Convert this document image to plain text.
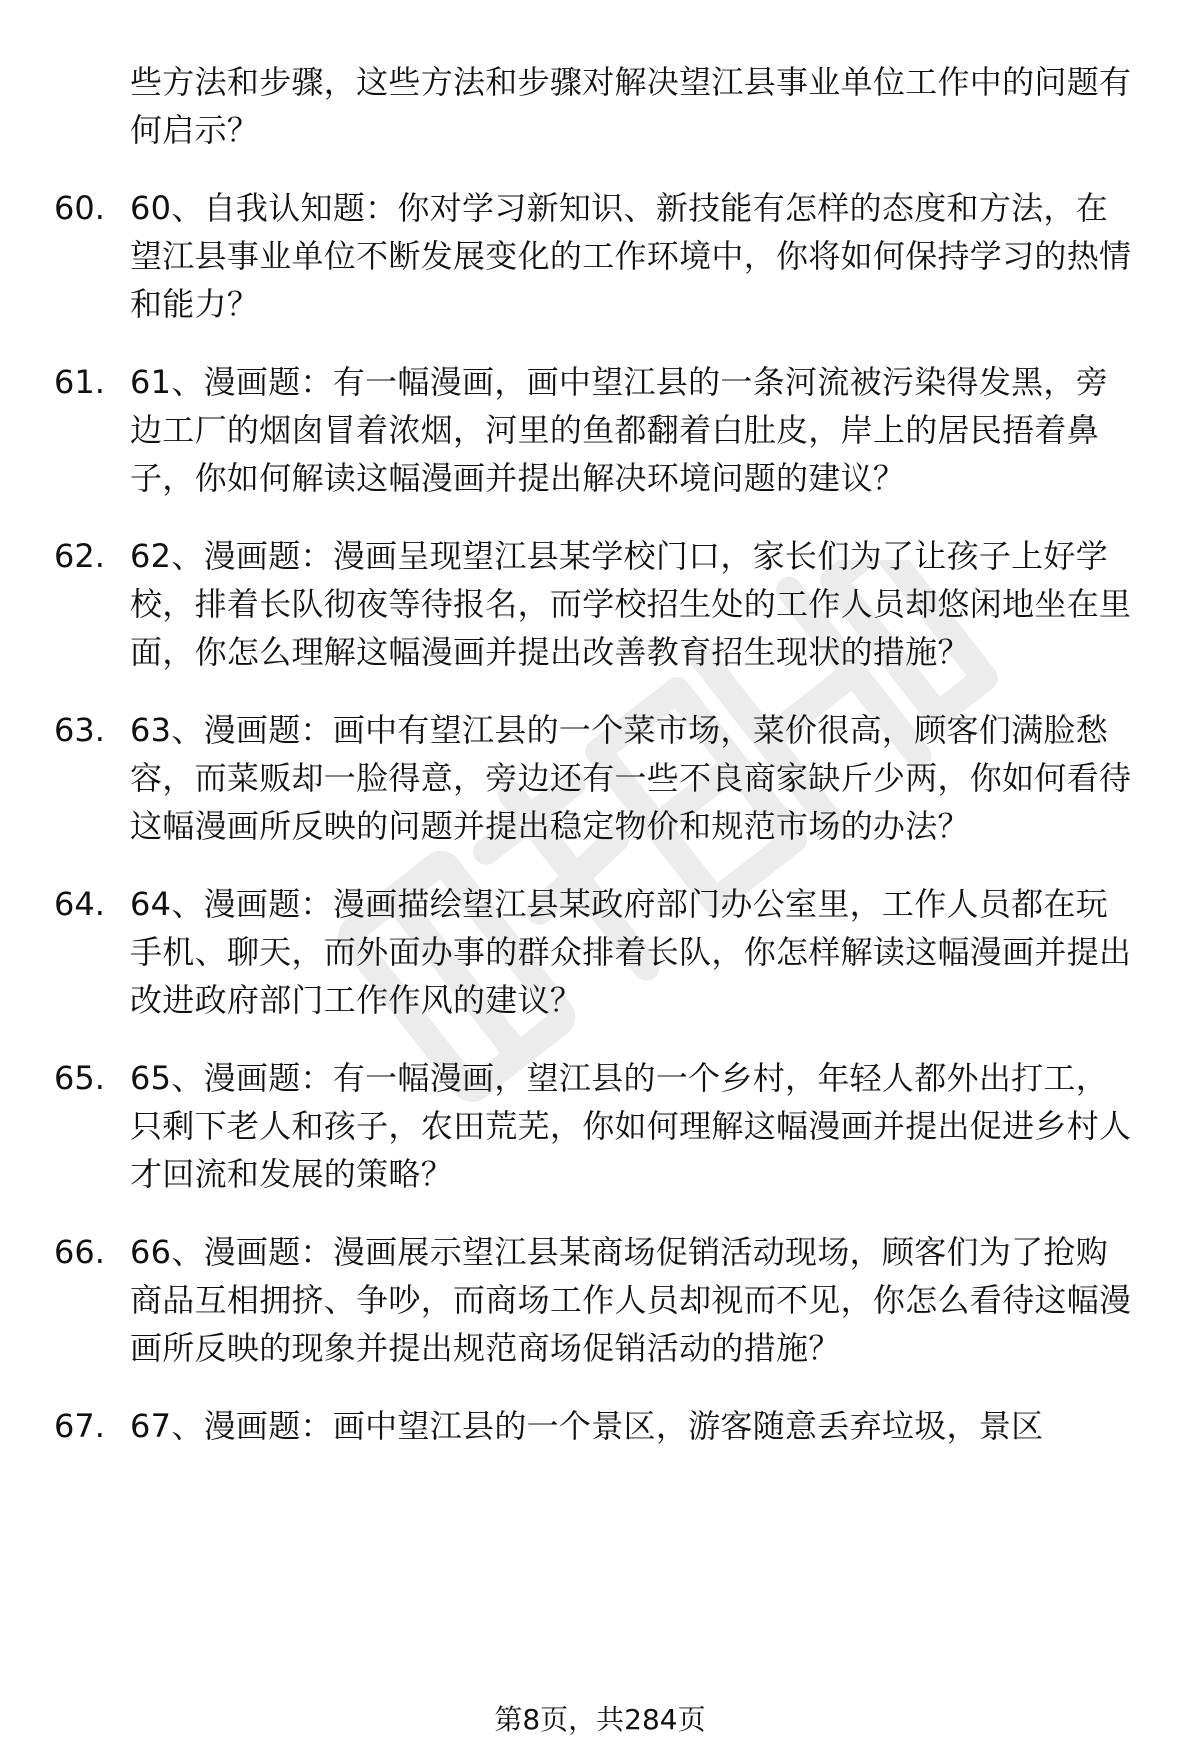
些方法和步骤，这些方法和步骤对解决望江县事业单位工作中的问题有何启示？
60. 60、自我认知题：你对学习新知识、新技能有怎样的态度和方法，在望江县事业单位不断发展变化的工作环境中，你将如何保持学习的热情和能力？
61. 61、漫画题：有一幅漫画，画中望江县的一条河流被污染得发黑，旁边工厂的烟囱冒着浓烟，河里的鱼都翻着白肚皮，岸上的居民捂着鼻子，你如何解读这幅漫画并提出解决环境问题的建议？
62. 62、漫画题：漫画呈现望江县某学校门口，家长们为了让孩子上好学校，排着长队彻夜等待报名，而学校招生处的工作人员却悠闲地坐在里面，你怎么理解这幅漫画并提出改善教育招生现状的措施？
63. 63、漫画题：画中有望江县的一个菜市场，菜价很高，顾客们满脸愁容，而菜贩却一脸得意，旁边还有一些不良商家缺斤少两，你如何看待这幅漫画所反映的问题并提出稳定物价和规范市场的办法？
64. 64、漫画题：漫画描绘望江县某政府部门办公室里，工作人员都在玩手机、聊天，而外面办事的群众排着长队，你怎样解读这幅漫画并提出改进政府部门工作作风的建议？
65. 65、漫画题：有一幅漫画，望江县的一个乡村，年轻人都外出打工，只剩下老人和孩子，农田荒芜，你如何理解这幅漫画并提出促进乡村人才回流和发展的策略？
66. 66、漫画题：漫画展示望江县某商场促销活动现场，顾客们为了抢购商品互相拥挤、争吵，而商场工作人员却视而不见，你怎么看待这幅漫画所反映的现象并提出规范商场促销活动的措施？
67. 67、漫画题：画中望江县的一个景区，游客随意丢弃垃圾，景区
第8页，共284页
